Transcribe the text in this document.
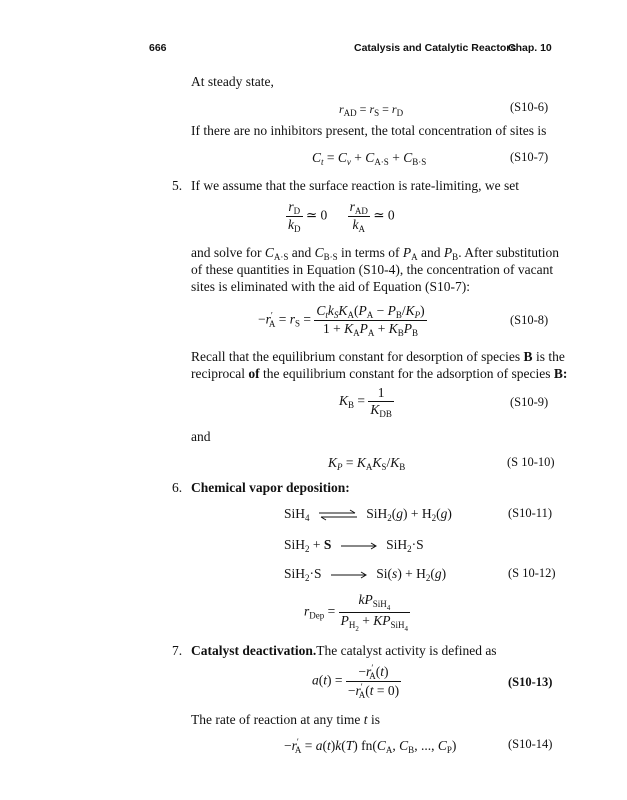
666	Catalysis and Catalytic Reactors
Chap. 10
At steady state,
$r_{AD} = r_S = r_D$	(S10-6)
If there are no inhibitors present, the total concentration of sites is
$C_t = C_v + C_{A\cdot S} + C_{B\cdot S}$	(S10-7)
5. If we assume that the surface reaction is rate-limiting, we set
$\frac{r_D}{k_D}$ ≃ $0 \frac{r_{AD}}{k_A}$ ≃ 0
and solve for $C_{A\cdot S}$ and $C_{B\cdot S}$ in terms of $P_A$ and $P_B$. After substitution
of these quantities in Equation (S10-4), the concentration of vacant
sites is eliminated with the aid of Equation (S10-7):
$-r'_A = r_S = \frac{C_tk_SK_A(P_A - P_B/K_P)}{1 + K_AP_A + K_BP_B}$	(S10-8)
Recall that the equilibrium constant for desorption of species B is the
reciprocal of the equilibrium constant for the adsorption of species B:
$K_B = \frac{1}{K_{DB}}$	(S10-9)
and
$K_P = K_AK_S/K_B$	(S 10-10)
6. Chemical vapor deposition:
SiH$_4$ ⇌ $SiH_2(g) + H_2(g)$	(S10-11)
SiH$_2$ + S	SiH$_2$·S
SiH$_2$·S	$Si(s) + H_2(g)$	(S 10-12)
$r_{Dep} = \frac{kP_{SiH_4}}{P_{H_2} + KP_{SiH_4}}$
7. Catalyst deactivation.The catalyst activity is defined as
$a(t) = \frac{-r'_A(t)}{-r'_A(t = 0)}$	(S10-13)
The rate of reaction at any time t is
$-r'_A = a(t)k(T)$ $fn(C_A$, $C_B$, ..., $C_P$)	(S10-14)
